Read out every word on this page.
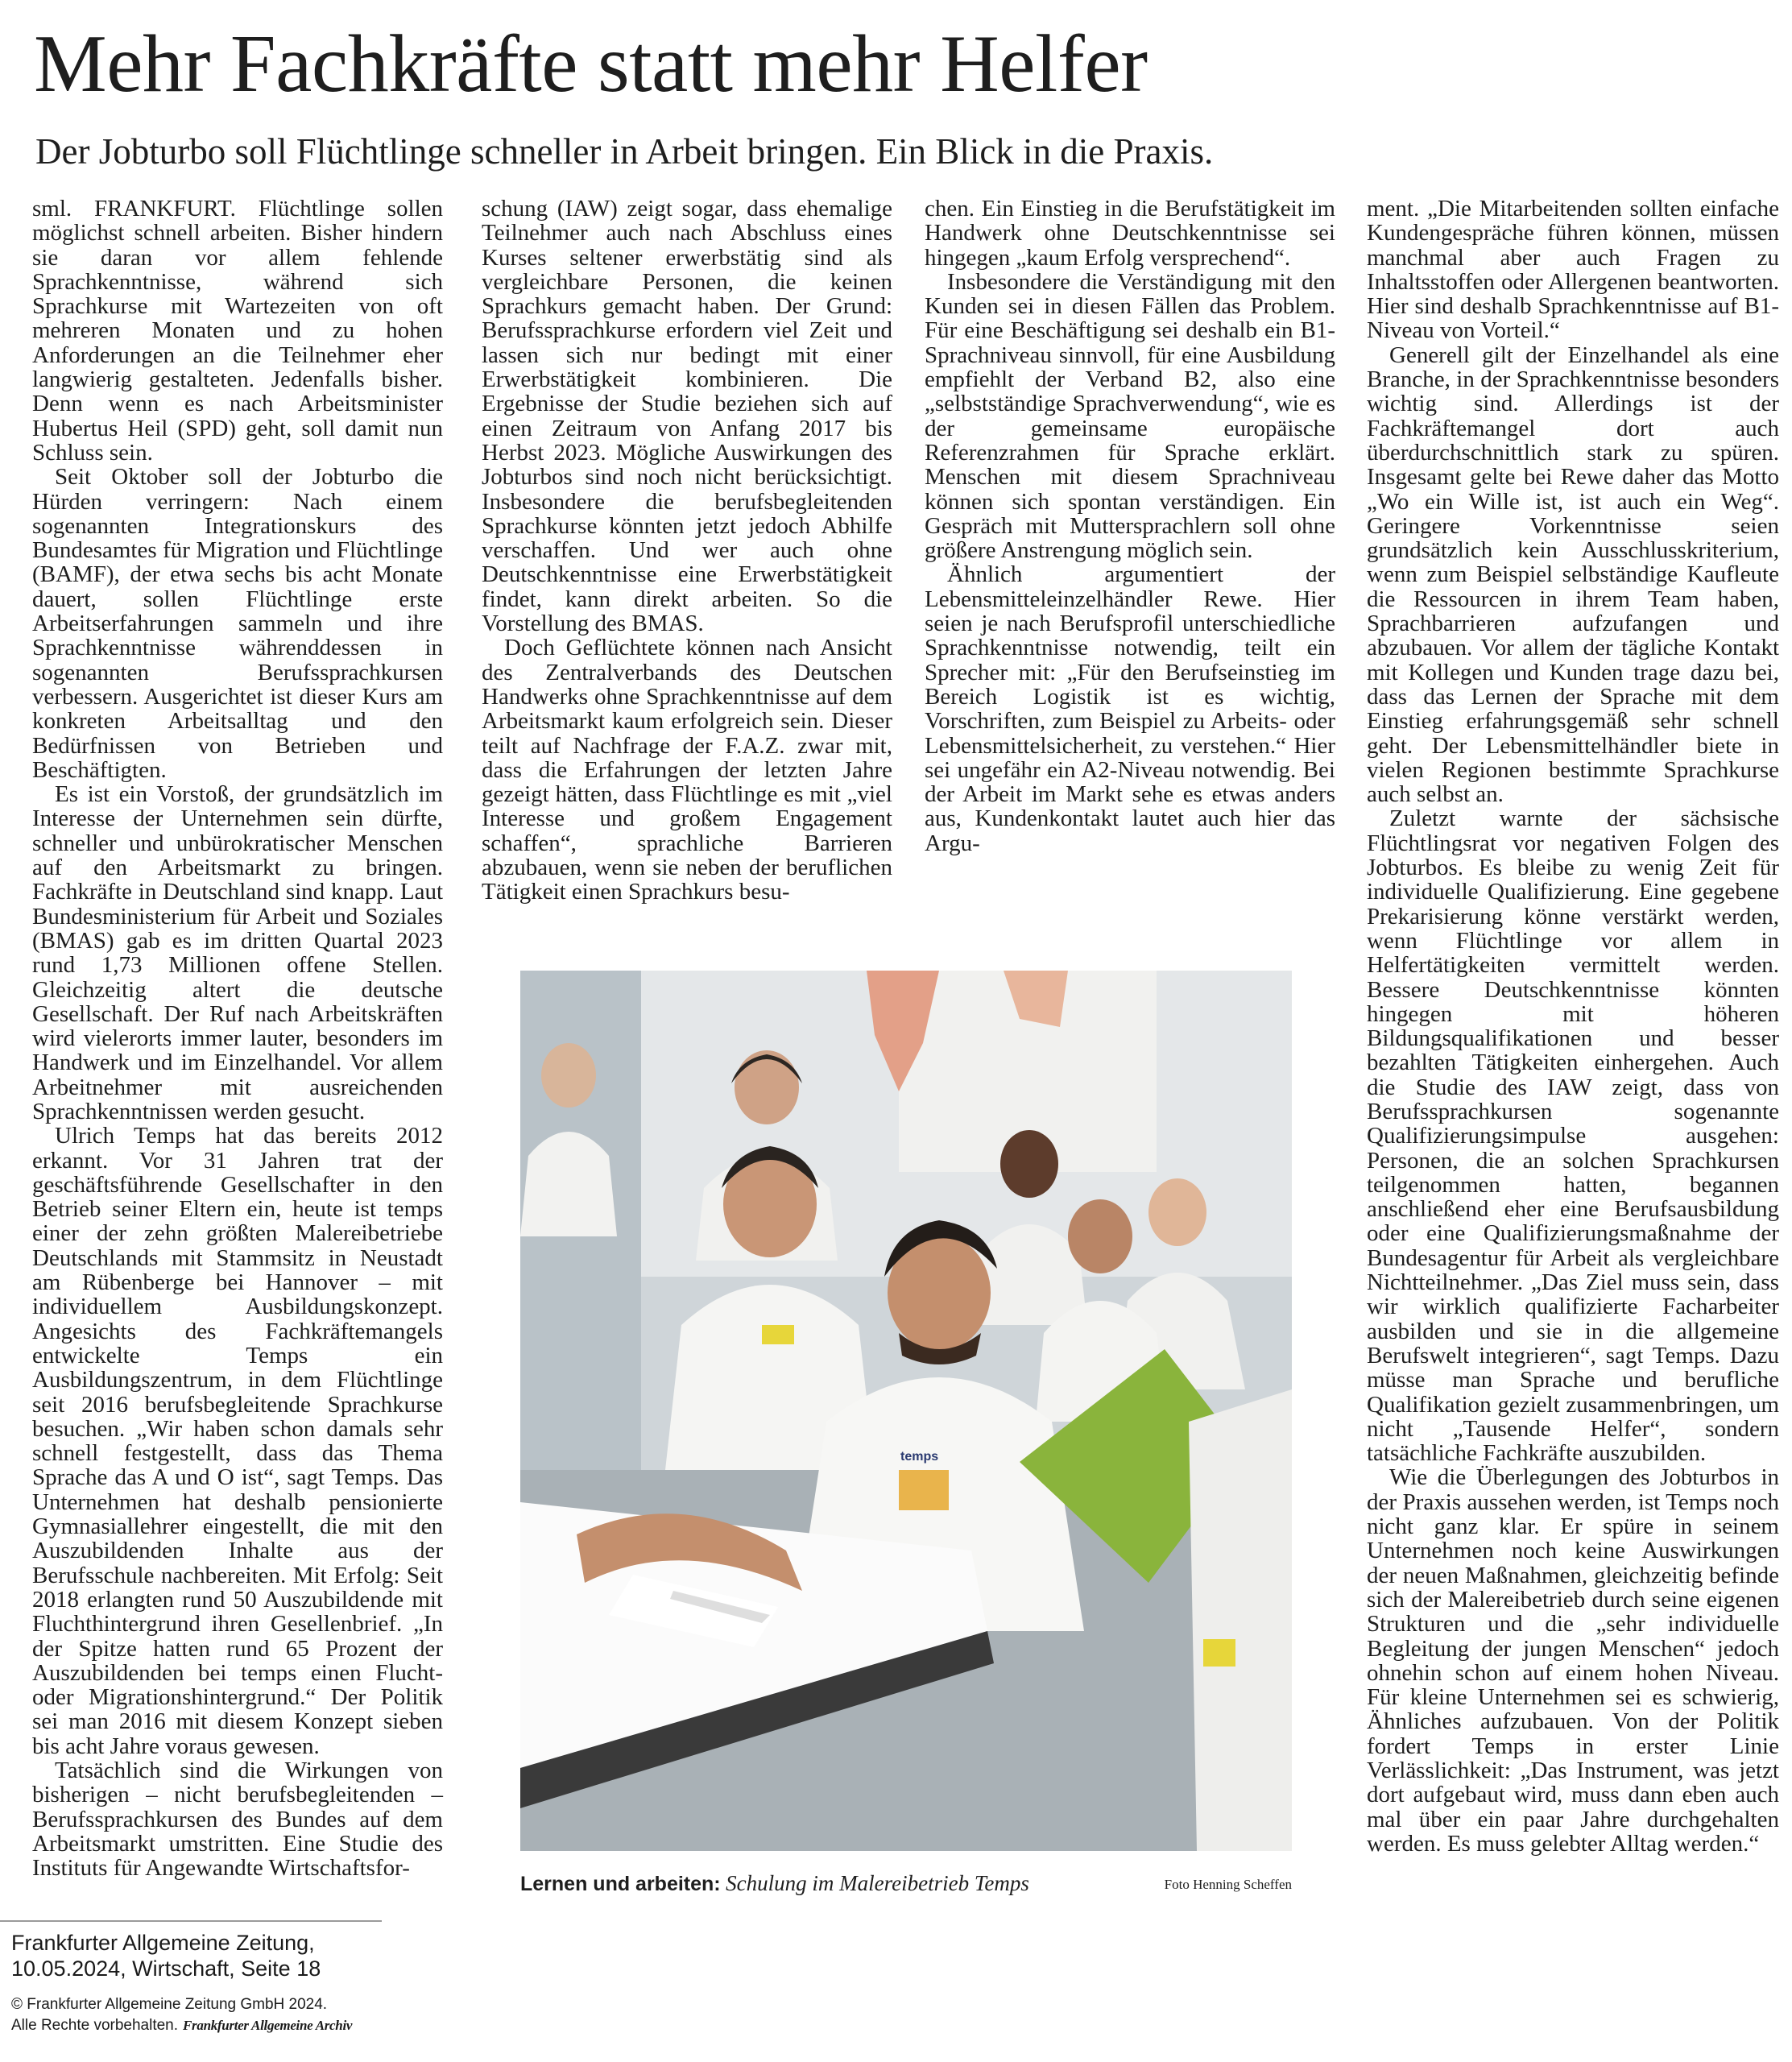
Mehr Fachkräfte statt mehr Helfer
Der Jobturbo soll Flüchtlinge schneller in Arbeit bringen. Ein Blick in die Praxis.

sml. FRANKFURT. Flüchtlinge sollen möglichst schnell arbeiten. Bisher hindern sie daran vor allem fehlende Sprachkenntnisse, während sich Sprachkurse mit Wartezeiten von oft mehreren Monaten und zu hohen Anforderungen an die Teilnehmer eher langwierig gestalteten. Jedenfalls bisher. Denn wenn es nach Arbeitsminister Hubertus Heil (SPD) geht, soll damit nun Schluss sein.

Seit Oktober soll der Jobturbo die Hürden verringern: Nach einem sogenannten Integrationskurs des Bundesamtes für Migration und Flüchtlinge (BAMF), der etwa sechs bis acht Monate dauert, sollen Flüchtlinge erste Arbeitserfahrungen sammeln und ihre Sprachkenntnisse währenddessen in sogenannten Berufssprachkursen verbessern. Ausgerichtet ist dieser Kurs am konkreten Arbeitsalltag und den Bedürfnissen von Betrieben und Beschäftigten.

Es ist ein Vorstoß, der grundsätzlich im Interesse der Unternehmen sein dürfte, schneller und unbürokratischer Menschen auf den Arbeitsmarkt zu bringen. Fachkräfte in Deutschland sind knapp. Laut Bundesministerium für Arbeit und Soziales (BMAS) gab es im dritten Quartal 2023 rund 1,73 Millionen offene Stellen. Gleichzeitig altert die deutsche Gesellschaft. Der Ruf nach Arbeitskräften wird vielerorts immer lauter, besonders im Handwerk und im Einzelhandel. Vor allem Arbeitnehmer mit ausreichenden Sprachkenntnissen werden gesucht.

Ulrich Temps hat das bereits 2012 erkannt. Vor 31 Jahren trat der geschäftsführende Gesellschafter in den Betrieb seiner Eltern ein, heute ist temps einer der zehn größten Malereibetriebe Deutschlands mit Stammsitz in Neustadt am Rübenberge bei Hannover – mit individuellem Ausbildungskonzept. Angesichts des Fachkräftemangels entwickelte Temps ein Ausbildungszentrum, in dem Flüchtlinge seit 2016 berufsbegleitende Sprachkurse besuchen. „Wir haben schon damals sehr schnell festgestellt, dass das Thema Sprache das A und O ist“, sagt Temps. Das Unternehmen hat deshalb pensionierte Gymnasiallehrer eingestellt, die mit den Auszubildenden Inhalte aus der Berufsschule nachbereiten. Mit Erfolg: Seit 2018 erlangten rund 50 Auszubildende mit Fluchthintergrund ihren Gesellenbrief. „In der Spitze hatten rund 65 Prozent der Auszubildenden bei temps einen Flucht- oder Migrationshintergrund.“ Der Politik sei man 2016 mit diesem Konzept sieben bis acht Jahre voraus gewesen.

Tatsächlich sind die Wirkungen von bisherigen – nicht berufsbegleitenden – Berufssprachkursen des Bundes auf dem Arbeitsmarkt umstritten. Eine Studie des Instituts für Angewandte Wirtschaftsfor-

schung (IAW) zeigt sogar, dass ehemalige Teilnehmer auch nach Abschluss eines Kurses seltener erwerbstätig sind als vergleichbare Personen, die keinen Sprachkurs gemacht haben. Der Grund: Berufssprachkurse erfordern viel Zeit und lassen sich nur bedingt mit einer Erwerbstätigkeit kombinieren. Die Ergebnisse der Studie beziehen sich auf einen Zeitraum von Anfang 2017 bis Herbst 2023. Mögliche Auswirkungen des Jobturbos sind noch nicht berücksichtigt. Insbesondere die berufsbegleitenden Sprachkurse könnten jetzt jedoch Abhilfe verschaffen. Und wer auch ohne Deutschkenntnisse eine Erwerbstätigkeit findet, kann direkt arbeiten. So die Vorstellung des BMAS.

Doch Geflüchtete können nach Ansicht des Zentralverbands des Deutschen Handwerks ohne Sprachkenntnisse auf dem Arbeitsmarkt kaum erfolgreich sein. Dieser teilt auf Nachfrage der F.A.Z. zwar mit, dass die Erfahrungen der letzten Jahre gezeigt hätten, dass Flüchtlinge es mit „viel Interesse und großem Engagement schaffen“, sprachliche Barrieren abzubauen, wenn sie neben der beruflichen Tätigkeit einen Sprachkurs besu-

chen. Ein Einstieg in die Berufstätigkeit im Handwerk ohne Deutschkenntnisse sei hingegen „kaum Erfolg versprechend“.

Insbesondere die Verständigung mit den Kunden sei in diesen Fällen das Problem. Für eine Beschäftigung sei deshalb ein B1-Sprachniveau sinnvoll, für eine Ausbildung empfiehlt der Verband B2, also eine „selbstständige Sprachverwendung“, wie es der gemeinsame europäische Referenzrahmen für Sprache erklärt. Menschen mit diesem Sprachniveau können sich spontan verständigen. Ein Gespräch mit Muttersprachlern soll ohne größere Anstrengung möglich sein.

Ähnlich argumentiert der Lebensmitteleinzelhändler Rewe. Hier seien je nach Berufsprofil unterschiedliche Sprachkenntnisse notwendig, teilt ein Sprecher mit: „Für den Berufseinstieg im Bereich Logistik ist es wichtig, Vorschriften, zum Beispiel zu Arbeits- oder Lebensmittelsicherheit, zu verstehen.“ Hier sei ungefähr ein A2-Niveau notwendig. Bei der Arbeit im Markt sehe es etwas anders aus, Kundenkontakt lautet auch hier das Argu-

ment. „Die Mitarbeitenden sollten einfache Kundengespräche führen können, müssen manchmal aber auch Fragen zu Inhaltsstoffen oder Allergenen beantworten. Hier sind deshalb Sprachkenntnisse auf B1-Niveau von Vorteil.“

Generell gilt der Einzelhandel als eine Branche, in der Sprachkenntnisse besonders wichtig sind. Allerdings ist der Fachkräftemangel dort auch überdurchschnittlich stark zu spüren. Insgesamt gelte bei Rewe daher das Motto „Wo ein Wille ist, ist auch ein Weg“. Geringere Vorkenntnisse seien grundsätzlich kein Ausschlusskriterium, wenn zum Beispiel selbständige Kaufleute die Ressourcen in ihrem Team haben, Sprachbarrieren aufzufangen und abzubauen. Vor allem der tägliche Kontakt mit Kollegen und Kunden trage dazu bei, dass das Lernen der Sprache mit dem Einstieg erfahrungsgemäß sehr schnell geht. Der Lebensmittelhändler biete in vielen Regionen bestimmte Sprachkurse auch selbst an.

Zuletzt warnte der sächsische Flüchtlingsrat vor negativen Folgen des Jobturbos. Es bleibe zu wenig Zeit für individuelle Qualifizierung. Eine gegebene Prekarisierung könne verstärkt werden, wenn Flüchtlinge vor allem in Helfertätigkeiten vermittelt werden. Bessere Deutschkenntnisse könnten hingegen mit höheren Bildungsqualifikationen und besser bezahlten Tätigkeiten einhergehen. Auch die Studie des IAW zeigt, dass von Berufssprachkursen sogenannte Qualifizierungsimpulse ausgehen: Personen, die an solchen Sprachkursen teilgenommen hatten, begannen anschließend eher eine Berufsausbildung oder eine Qualifizierungsmaßnahme der Bundesagentur für Arbeit als vergleichbare Nichtteilnehmer. „Das Ziel muss sein, dass wir wirklich qualifizierte Facharbeiter ausbilden und sie in die allgemeine Berufswelt integrieren“, sagt Temps. Dazu müsse man Sprache und berufliche Qualifikation gezielt zusammenbringen, um nicht „Tausende Helfer“, sondern tatsächliche Fachkräfte auszubilden.

Wie die Überlegungen des Jobturbos in der Praxis aussehen werden, ist Temps noch nicht ganz klar. Er spüre in seinem Unternehmen noch keine Auswirkungen der neuen Maßnahmen, gleichzeitig befinde sich der Malereibetrieb durch seine eigenen Strukturen und die „sehr individuelle Begleitung der jungen Menschen“ jedoch ohnehin schon auf einem hohen Niveau. Für kleine Unternehmen sei es schwierig, Ähnliches aufzubauen. Von der Politik fordert Temps in erster Linie Verlässlichkeit: „Das Instrument, was jetzt dort aufgebaut wird, muss dann eben auch mal über ein paar Jahre durchgehalten werden. Es muss gelebter Alltag werden.“

temps
Lernen und arbeiten: Schulung im Malereibetrieb Temps	Foto Henning Scheffen
Frankfurter Allgemeine Zeitung,
10.05.2024, Wirtschaft, Seite 18
© Frankfurter Allgemeine Zeitung GmbH 2024.
Alle Rechte vorbehalten. Frankfurter Allgemeine Archiv
